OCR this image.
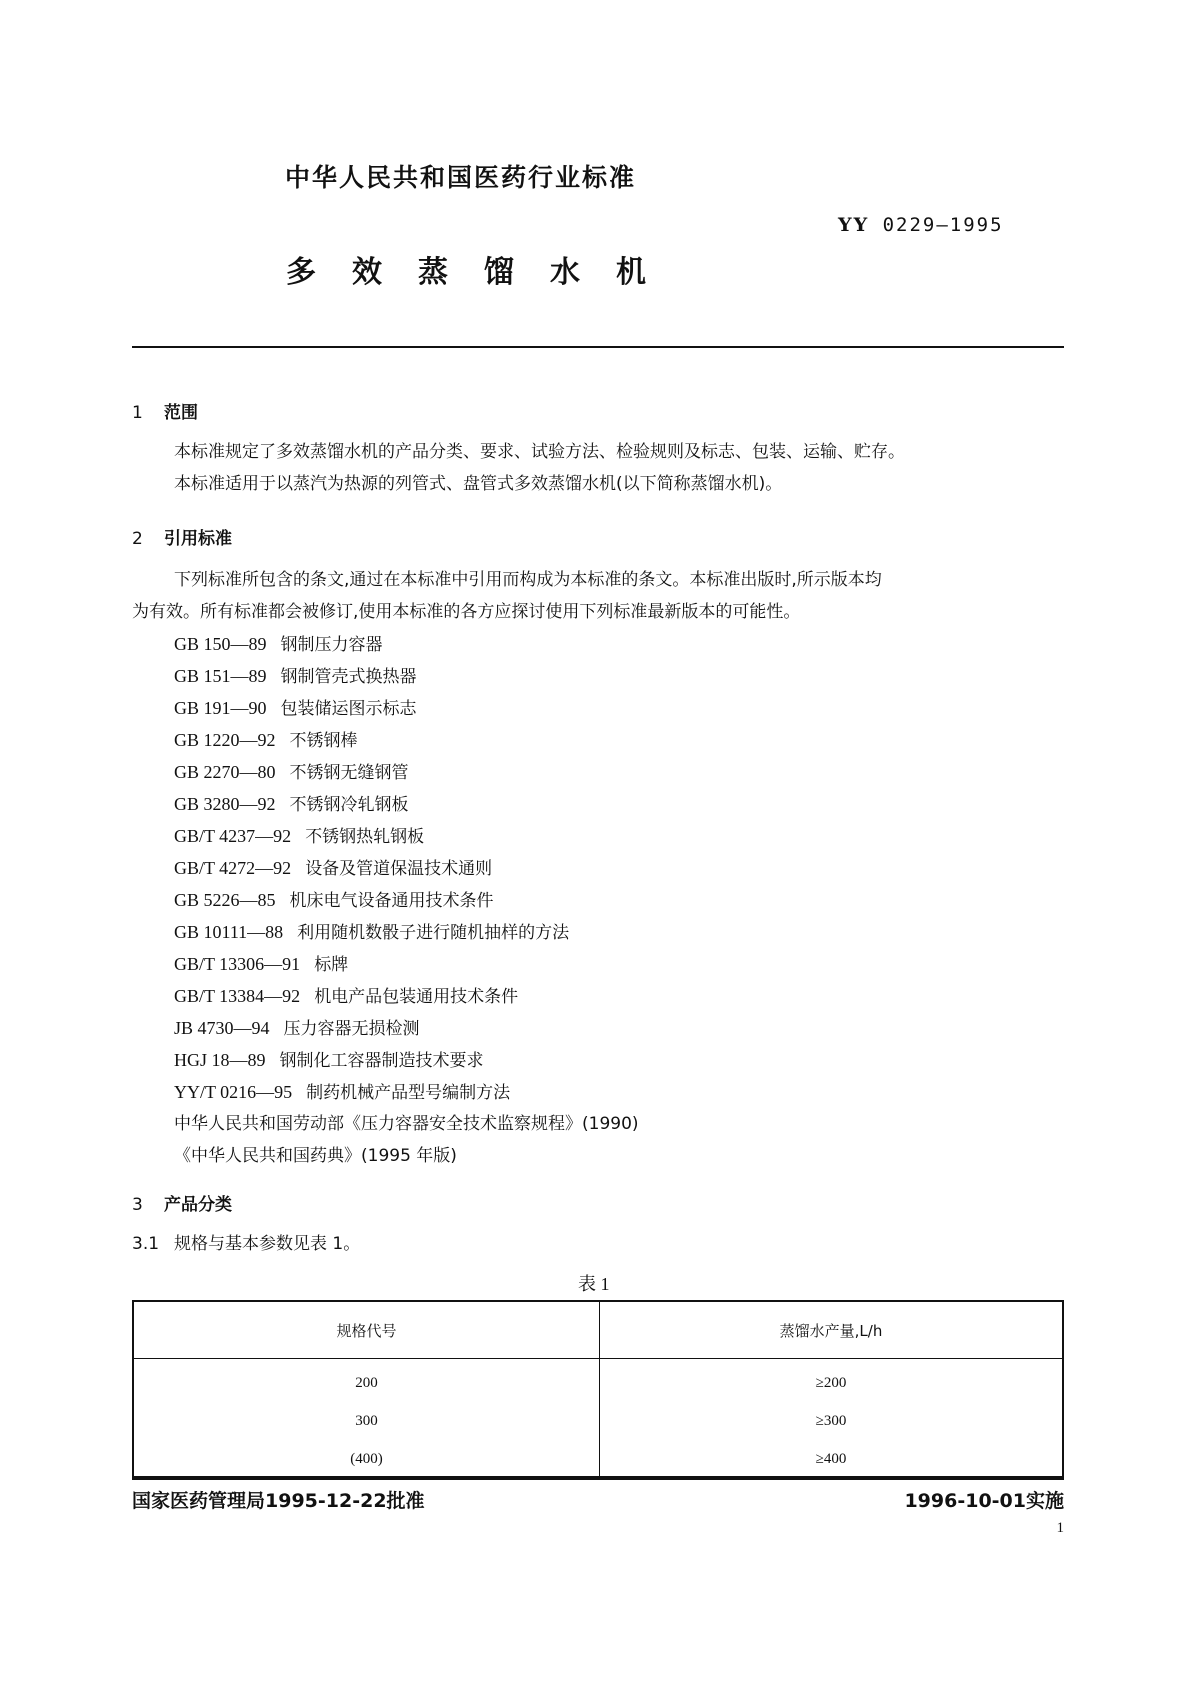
中华人民共和国医药行业标准
YY 0229—1995
多 效 蒸 馏 水 机
1 范围
本标准规定了多效蒸馏水机的产品分类、要求、试验方法、检验规则及标志、包装、运输、贮存。
本标准适用于以蒸汽为热源的列管式、盘管式多效蒸馏水机(以下简称蒸馏水机)。
2 引用标准
下列标准所包含的条文,通过在本标准中引用而构成为本标准的条文。本标准出版时,所示版本均
为有效。所有标准都会被修订,使用本标准的各方应探讨使用下列标准最新版本的可能性。
GB 150—89 钢制压力容器
GB 151—89 钢制管壳式换热器
GB 191—90 包装储运图示标志
GB 1220—92 不锈钢棒
GB 2270—80 不锈钢无缝钢管
GB 3280—92 不锈钢冷轧钢板
GB/T 4237—92 不锈钢热轧钢板
GB/T 4272—92 设备及管道保温技术通则
GB 5226—85 机床电气设备通用技术条件
GB 10111—88 利用随机数骰子进行随机抽样的方法
GB/T 13306—91 标牌
GB/T 13384—92 机电产品包装通用技术条件
JB 4730—94 压力容器无损检测
HGJ 18—89 钢制化工容器制造技术要求
YY/T 0216—95 制药机械产品型号编制方法
中华人民共和国劳动部《压力容器安全技术监察规程》(1990)
《中华人民共和国药典》(1995 年版)
3 产品分类
3.1 规格与基本参数见表 1。
表 1
规格代号	蒸馏水产量,L/h
200	≥200
300	≥300
(400)	≥400
国家医药管理局1995-12-22批准	1996-10-01实施
1
